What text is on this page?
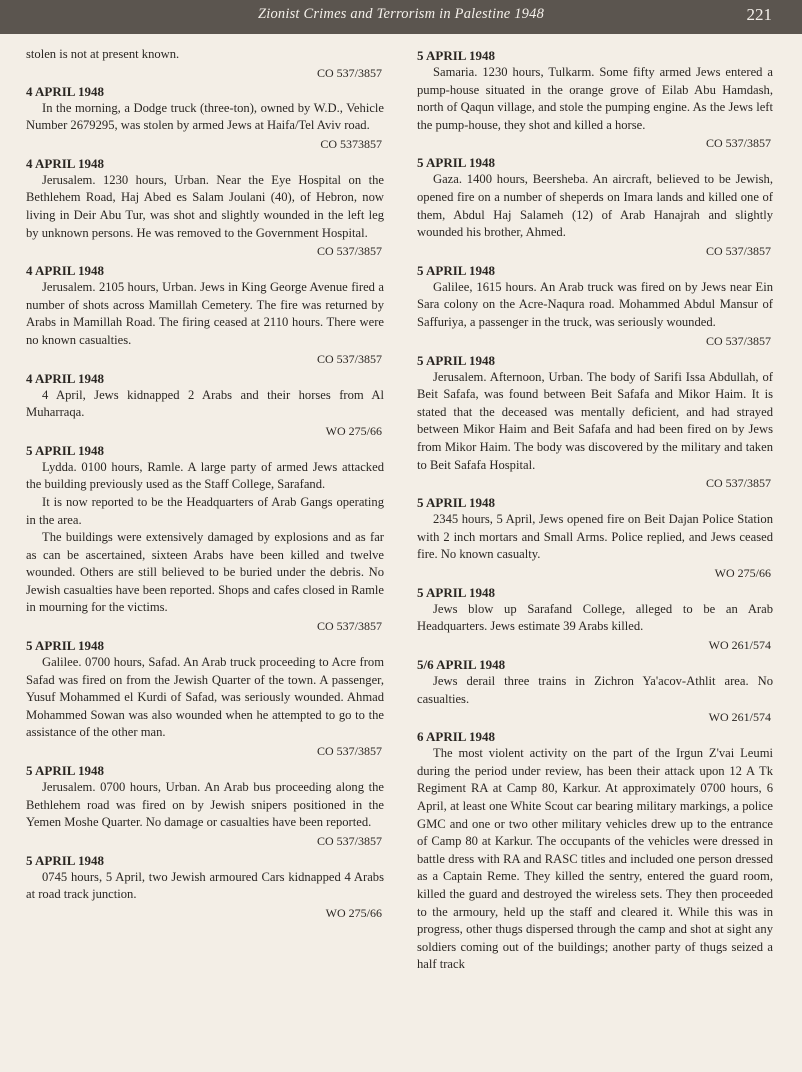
Zionist Crimes and Terrorism in Palestine 1948	221

stolen is not at present known.

CO 537/3857
4 APRIL 1948

In the morning, a Dodge truck (three-ton), owned by W.D., Vehicle Number 2679295, was stolen by armed Jews at Haifa/Tel Aviv road.

CO 5373857
4 APRIL 1948

Jerusalem. 1230 hours, Urban. Near the Eye Hospital on the Bethlehem Road, Haj Abed es Salam Joulani (40), of Hebron, now living in Deir Abu Tur, was shot and slightly wounded in the left leg by unknown persons. He was removed to the Government Hospital.

CO 537/3857
4 APRIL 1948

Jerusalem. 2105 hours, Urban. Jews in King George Avenue fired a number of shots across Mamillah Cemetery. The fire was returned by Arabs in Mamillah Road. The firing ceased at 2110 hours. There were no known casualties.

CO 537/3857
4 APRIL 1948

4 April, Jews kidnapped 2 Arabs and their horses from Al Muharraqa.

WO 275/66
5 APRIL 1948

Lydda. 0100 hours, Ramle. A large party of armed Jews attacked the building previously used as the Staff College, Sarafand.

It is now reported to be the Headquarters of Arab Gangs operating in the area.

The buildings were extensively damaged by explosions and as far as can be ascertained, sixteen Arabs have been killed and twelve wounded. Others are still believed to be buried under the debris. No Jewish casualties have been reported. Shops and cafes closed in Ramle in mourning for the victims.

CO 537/3857
5 APRIL 1948

Galilee. 0700 hours, Safad. An Arab truck proceeding to Acre from Safad was fired on from the Jewish Quarter of the town. A passenger, Yusuf Mohammed el Kurdi of Safad, was seriously wounded. Ahmad Mohammed Sowan was also wounded when he attempted to go to the assistance of the other man.

CO 537/3857
5 APRIL 1948

Jerusalem. 0700 hours, Urban. An Arab bus proceeding along the Bethlehem road was fired on by Jewish snipers positioned in the Yemen Moshe Quarter. No damage or casualties have been reported.

CO 537/3857
5 APRIL 1948

0745 hours, 5 April, two Jewish armoured Cars kidnapped 4 Arabs at road track junction.

WO 275/66
5 APRIL 1948

Samaria. 1230 hours, Tulkarm. Some fifty armed Jews entered a pump-house situated in the orange grove of Eilab Abu Hamdash, north of Qaqun village, and stole the pumping engine. As the Jews left the pump-house, they shot and killed a horse.

CO 537/3857
5 APRIL 1948

Gaza. 1400 hours, Beersheba. An aircraft, believed to be Jewish, opened fire on a number of sheperds on Imara lands and killed one of them, Abdul Haj Salameh (12) of Arab Hanajrah and slightly wounded his brother, Ahmed.

CO 537/3857
5 APRIL 1948

Galilee, 1615 hours. An Arab truck was fired on by Jews near Ein Sara colony on the Acre-Naqura road. Mohammed Abdul Mansur of Saffuriya, a passenger in the truck, was seriously wounded.

CO 537/3857
5 APRIL 1948

Jerusalem. Afternoon, Urban. The body of Sarifi Issa Abdullah, of Beit Safafa, was found between Beit Safafa and Mikor Haim. It is stated that the deceased was mentally deficient, and had strayed between Mikor Haim and Beit Safafa and had been fired on by Jews from Mikor Haim. The body was discovered by the military and taken to Beit Safafa Hospital.

CO 537/3857
5 APRIL 1948

2345 hours, 5 April, Jews opened fire on Beit Dajan Police Station with 2 inch mortars and Small Arms. Police replied, and Jews ceased fire. No known casualty.

WO 275/66
5 APRIL 1948

Jews blow up Sarafand College, alleged to be an Arab Headquarters. Jews estimate 39 Arabs killed.

WO 261/574
5/6 APRIL 1948

Jews derail three trains in Zichron Ya'acov-Athlit area. No casualties.

WO 261/574
6 APRIL 1948

The most violent activity on the part of the Irgun Z'vai Leumi during the period under review, has been their attack upon 12 A Tk Regiment RA at Camp 80, Karkur. At approximately 0700 hours, 6 April, at least one White Scout car bearing military markings, a police GMC and one or two other military vehicles drew up to the entrance of Camp 80 at Karkur. The occupants of the vehicles were dressed in battle dress with RA and RASC titles and included one person dressed as a Captain Reme. They killed the sentry, entered the guard room, killed the guard and destroyed the wireless sets. They then proceeded to the armoury, held up the staff and cleared it. While this was in progress, other thugs dispersed through the camp and shot at sight any soldiers coming out of the buildings; another party of thugs seized a half track
